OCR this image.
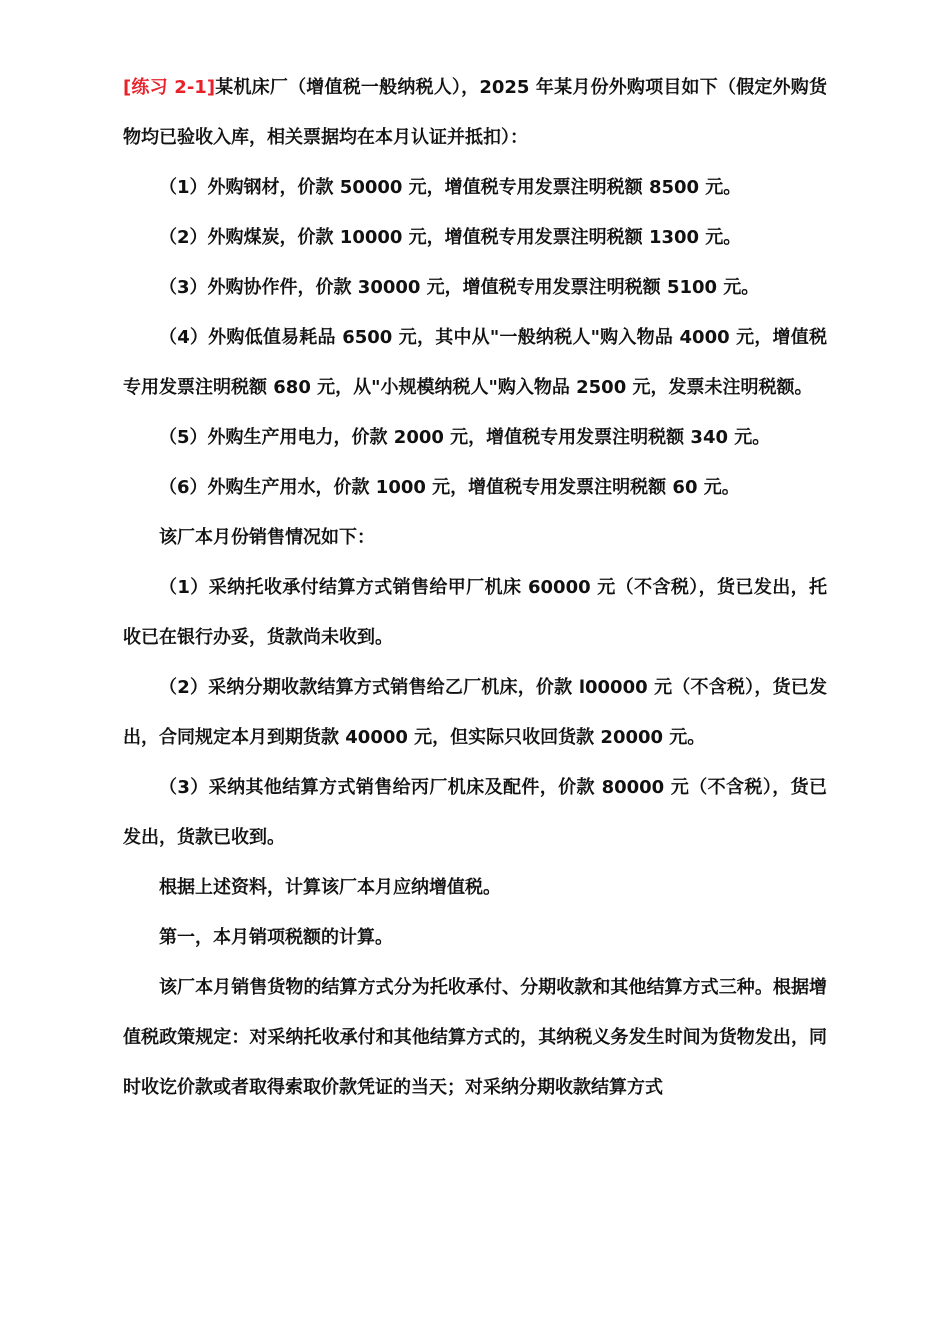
[练习 2-1]某机床厂（增值税一般纳税人），2025 年某月份外购项目如下（假定外购货物均已验收入库，相关票据均在本月认证并抵扣）：

（1）外购钢材，价款 50000 元，增值税专用发票注明税额 8500 元。

（2）外购煤炭，价款 10000 元，增值税专用发票注明税额 1300 元。

（3）外购协作件，价款 30000 元，增值税专用发票注明税额 5100 元。

（4）外购低值易耗品 6500 元，其中从"一般纳税人"购入物品 4000 元，增值税专用发票注明税额 680 元，从"小规模纳税人"购入物品 2500 元，发票未注明税额。

（5）外购生产用电力，价款 2000 元，增值税专用发票注明税额 340 元。

（6）外购生产用水，价款 1000 元，增值税专用发票注明税额 60 元。

该厂本月份销售情况如下：

（1）采纳托收承付结算方式销售给甲厂机床 60000 元（不含税），货已发出，托收已在银行办妥，货款尚未收到。

（2）采纳分期收款结算方式销售给乙厂机床，价款 l00000 元（不含税），货已发出，合同规定本月到期货款 40000 元，但实际只收回货款 20000 元。

（3）采纳其他结算方式销售给丙厂机床及配件，价款 80000 元（不含税），货已发出，货款已收到。

根据上述资料，计算该厂本月应纳增值税。

第一，本月销项税额的计算。

该厂本月销售货物的结算方式分为托收承付、分期收款和其他结算方式三种。根据增值税政策规定：对采纳托收承付和其他结算方式的，其纳税义务发生时间为货物发出，同时收讫价款或者取得索取价款凭证的当天；对采纳分期收款结算方式
